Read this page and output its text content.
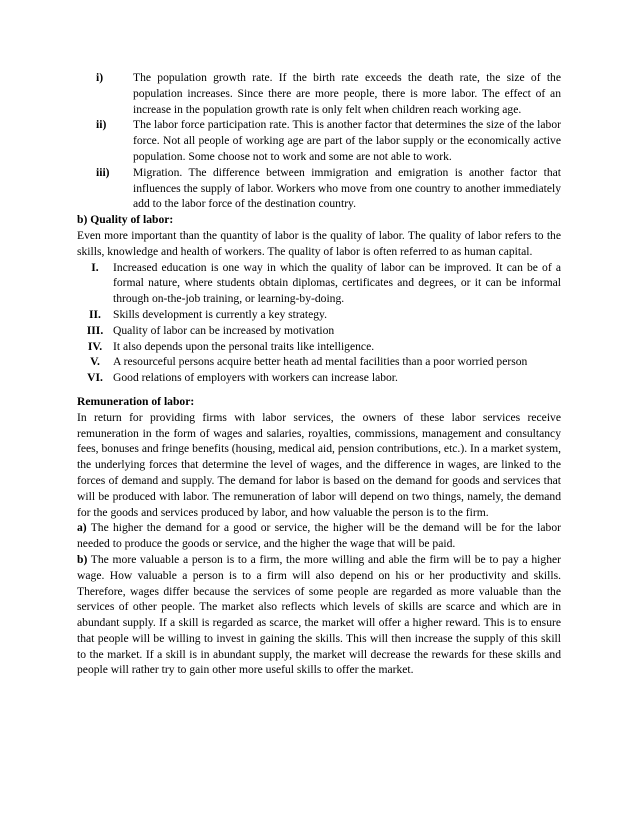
i)	The population growth rate. If the birth rate exceeds the death rate, the size of the population increases. Since there are more people, there is more labor. The effect of an increase in the population growth rate is only felt when children reach working age.
ii)	The labor force participation rate. This is another factor that determines the size of the labor force. Not all people of working age are part of the labor supply or the economically active population. Some choose not to work and some are not able to work.
iii)	Migration. The difference between immigration and emigration is another factor that influences the supply of labor. Workers who move from one country to another immediately add to the labor force of the destination country.
b) Quality of labor:

Even more important than the quantity of labor is the quality of labor. The quality of labor refers to the skills, knowledge and health of workers. The quality of labor is often referred to as human capital.

I.	Increased education is one way in which the quality of labor can be improved. It can be of a formal nature, where students obtain diplomas, certificates and degrees, or it can be informal through on-the-job training, or learning-by-doing.
II.	Skills development is currently a key strategy.
III. Quality of labor can be increased by motivation
IV. It also depends upon the personal traits like intelligence.
V.	A resourceful persons acquire better heath ad mental facilities than a poor worried person
VI. Good relations of employers with workers can increase labor.
Remuneration of labor:

In return for providing firms with labor services, the owners of these labor services receive remuneration in the form of wages and salaries, royalties, commissions, management and consultancy fees, bonuses and fringe benefits (housing, medical aid, pension contributions, etc.). In a market system, the underlying forces that determine the level of wages, and the difference in wages, are linked to the forces of demand and supply. The demand for labor is based on the demand for goods and services that will be produced with labor. The remuneration of labor will depend on two things, namely, the demand for the goods and services produced by labor, and how valuable the person is to the firm.

a) The higher the demand for a good or service, the higher will be the demand will be for the labor needed to produce the goods or service, and the higher the wage that will be paid.

b) The more valuable a person is to a firm, the more willing and able the firm will be to pay a higher wage. How valuable a person is to a firm will also depend on his or her productivity and skills. Therefore, wages differ because the services of some people are regarded as more valuable than the services of other people. The market also reflects which levels of skills are scarce and which are in abundant supply. If a skill is regarded as scarce, the market will offer a higher reward. This is to ensure that people will be willing to invest in gaining the skills. This will then increase the supply of this skill to the market. If a skill is in abundant supply, the market will decrease the rewards for these skills and people will rather try to gain other more useful skills to offer the market.
